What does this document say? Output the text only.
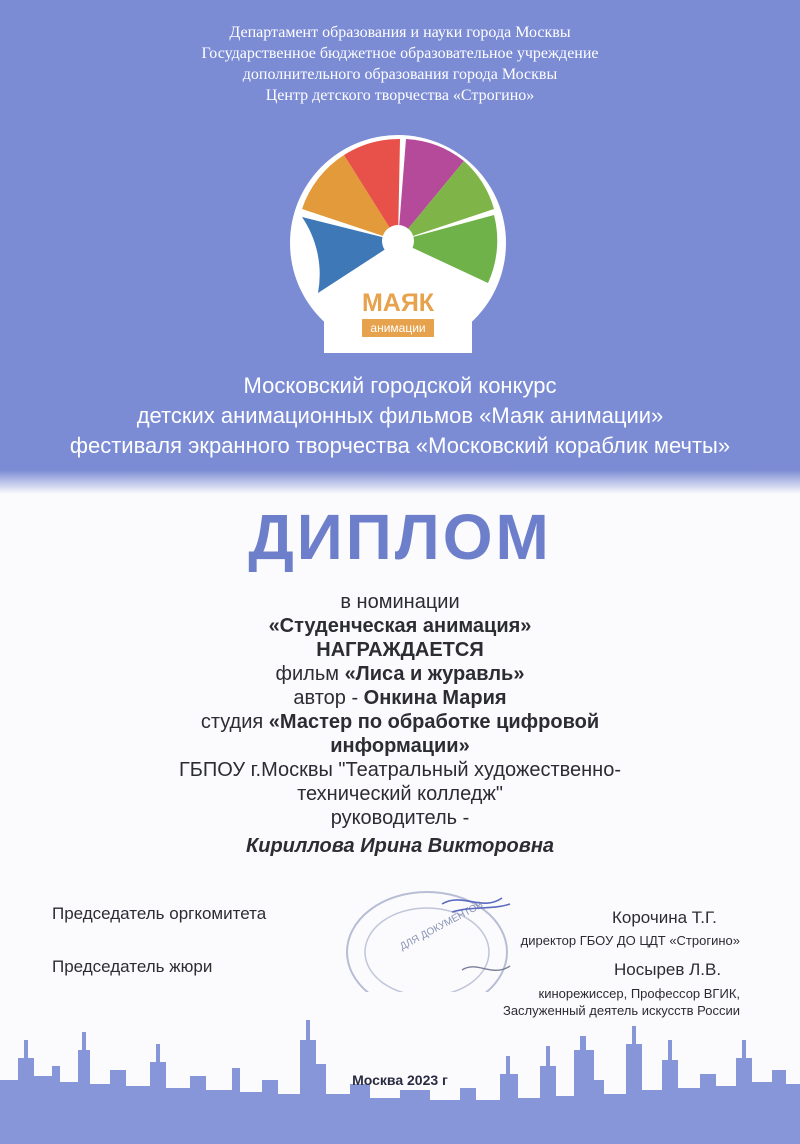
Департамент образования и науки города Москвы
Государственное бюджетное образовательное учреждение
дополнительного образования города Москвы
Центр детского творчества «Строгино»
МАЯК
анимации
Московский городской конкурс
детских анимационных фильмов «Маяк анимации»
фестиваля экранного творчества «Московский кораблик мечты»
ДИПЛОМ
в номинации
«Студенческая анимация»
НАГРАЖДАЕТСЯ
фильм «Лиса и журавль»
автор - Онкина Мария
студия «Мастер по обработке цифровой
информации»
ГБПОУ г.Москвы "Театральный художественно-
технический колледж"
руководитель -
Кириллова Ирина Викторовна
ДЛЯ ДОКУМЕНТОВ
Председатель оргкомитета	Корочина Т.Г.
директор ГБОУ ДО ЦДТ «Строгино»
Председатель жюри	Носырев Л.В.
кинорежиссер, Профессор ВГИК,
Заслуженный деятель искусств России
Москва 2023 г
